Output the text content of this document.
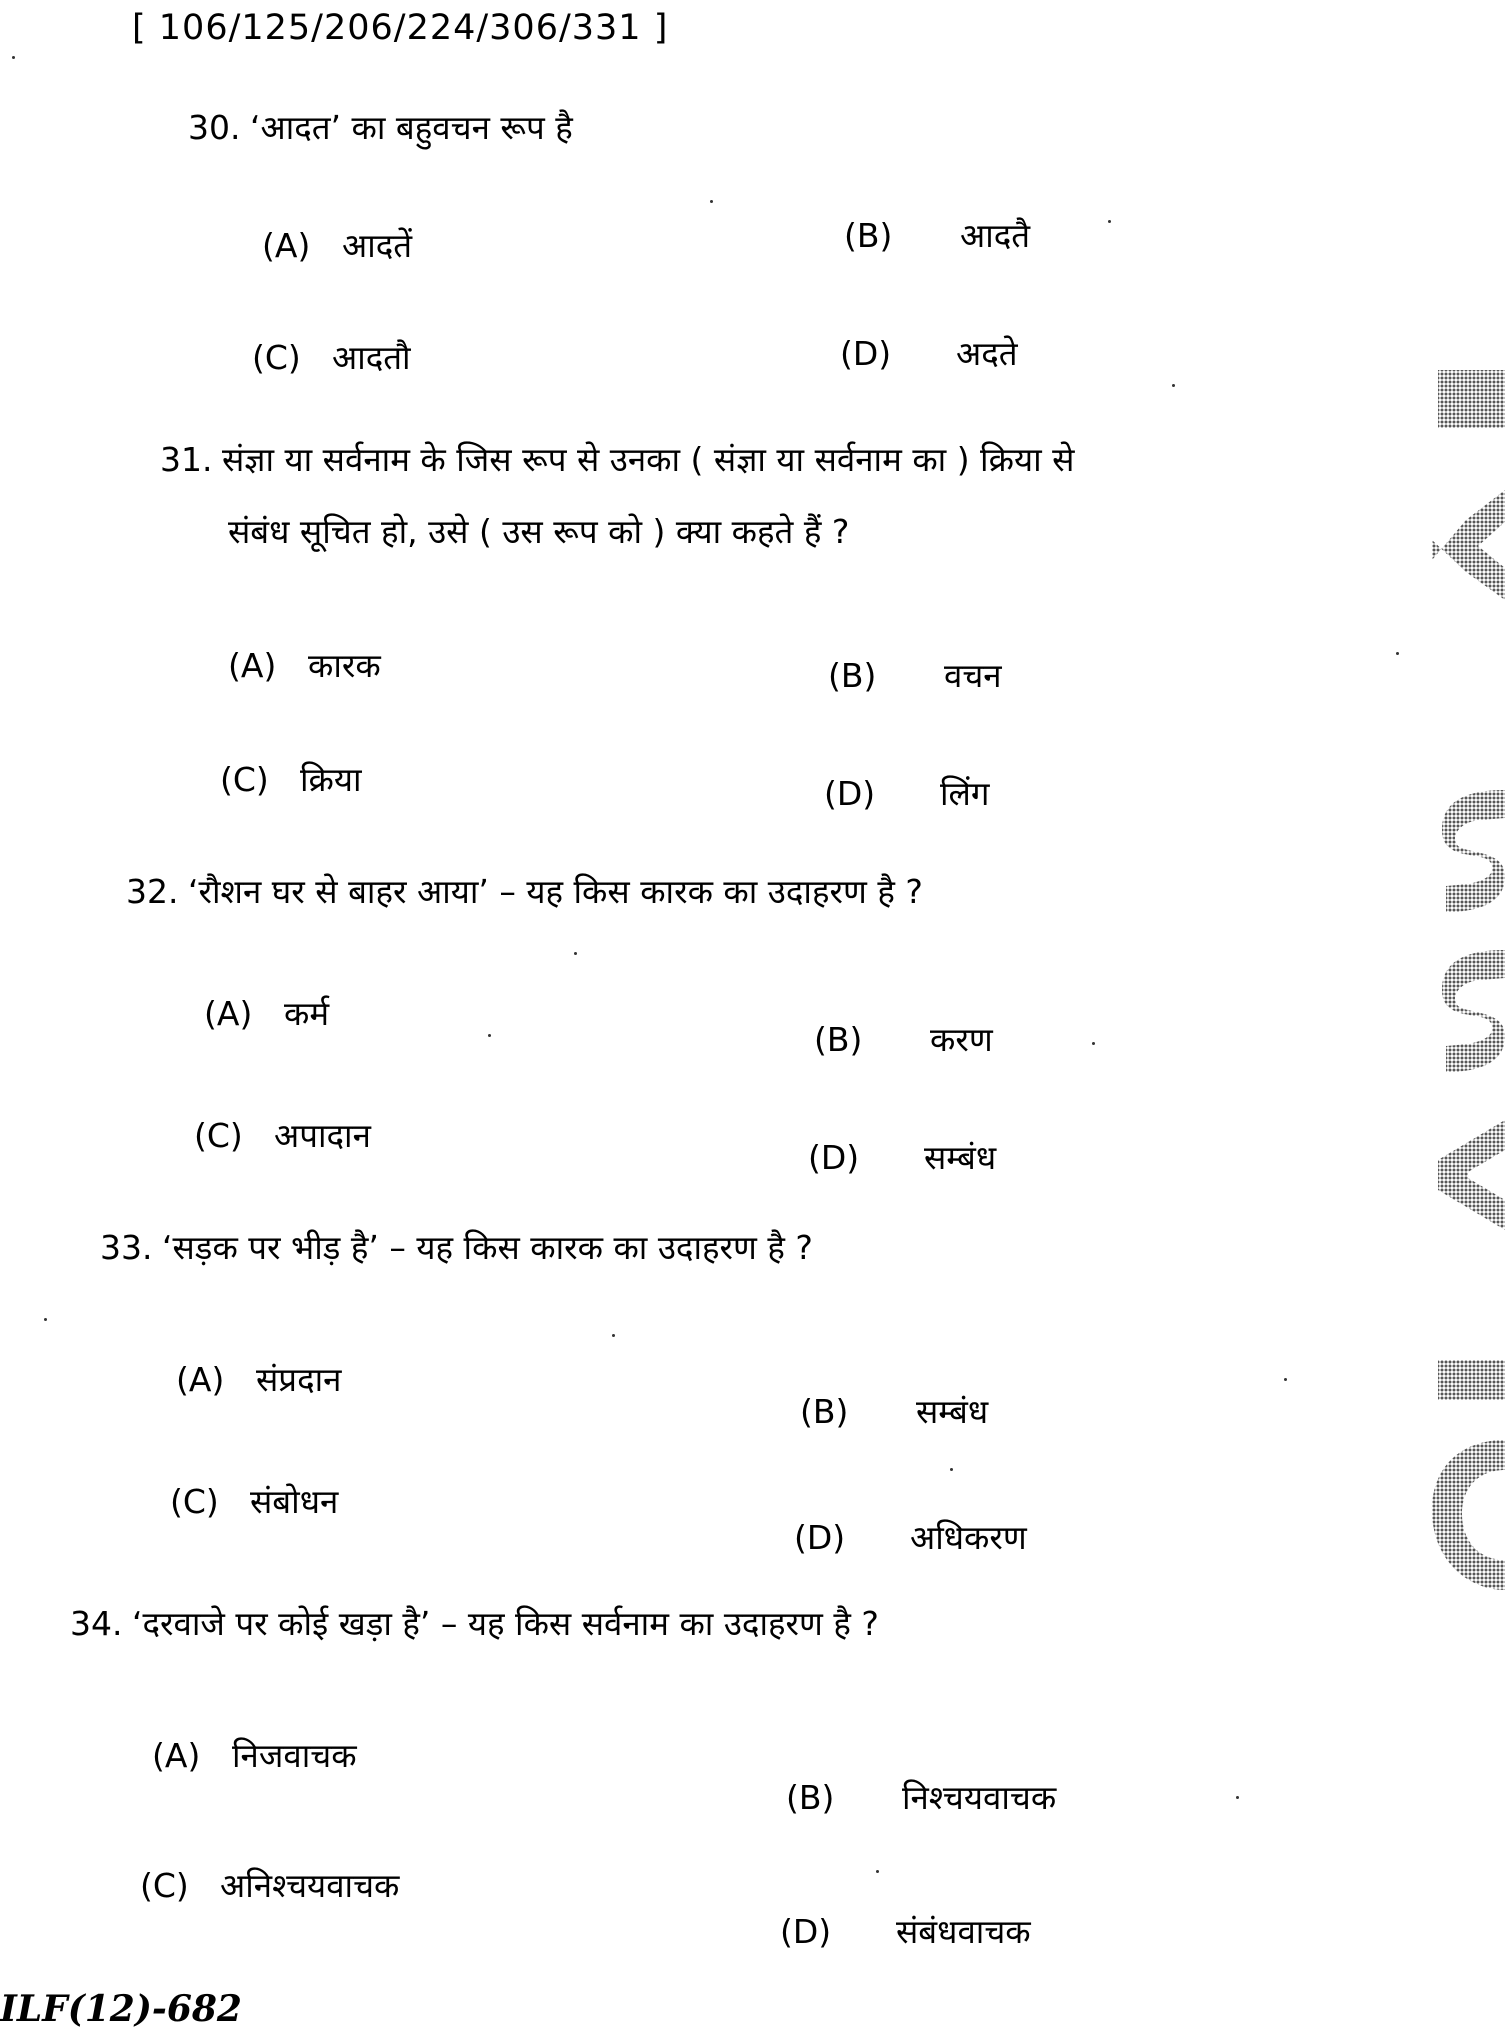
[ 106/125/206/224/306/331 ]
30. ‘आदत’ का बहुवचन रूप है
(A) आदतें	(B) आदतै
(C) आदतौ	(D) अदते
31. संज्ञा या सर्वनाम के जिस रूप से उनका ( संज्ञा या सर्वनाम का ) क्रिया से
संबंध सूचित हो, उसे ( उस रूप को ) क्या कहते हैं ?
(A) कारक	(B) वचन
(C) क्रिया	(D) लिंग
32. ‘रौशन घर से बाहर आया’ – यह किस कारक का उदाहरण है ?
(A) कर्म
(B) करण
(C) अपादान
(D) सम्बंध
33. ‘सड़क पर भीड़ है’ – यह किस कारक का उदाहरण है ?
(A) संप्रदान
(B) सम्बंध
(C) संबोधन
(D) अधिकरण
34. ‘दरवाजे पर कोई खड़ा है’ – यह किस सर्वनाम का उदाहरण है ?
(A) निजवाचक
(B) निश्चयवाचक
(C) अनिश्चयवाचक
(D) संबंधवाचक
ILF(12)-682
